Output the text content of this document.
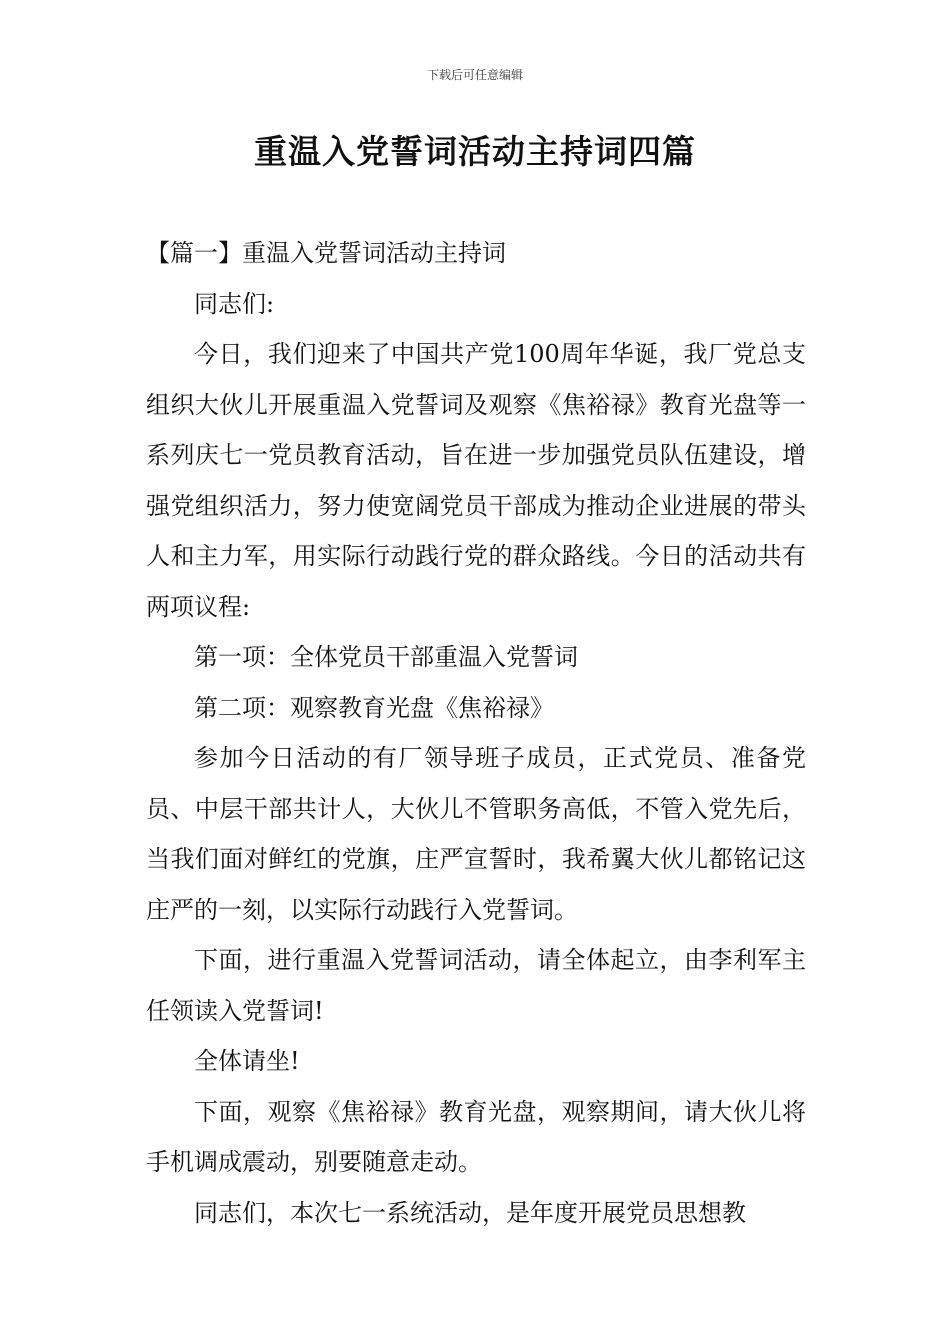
下载后可任意编辑
重温入党誓词活动主持词四篇

【篇一】重温入党誓词活动主持词

同志们:

今日，我们迎来了中国共产党100周年华诞，我厂党总支组织大伙儿开展重温入党誓词及观察《焦裕禄》教育光盘等一系列庆七一党员教育活动，旨在进一步加强党员队伍建设，增强党组织活力，努力使宽阔党员干部成为推动企业进展的带头人和主力军，用实际行动践行党的群众路线。今日的活动共有两项议程:

第一项：全体党员干部重温入党誓词

第二项：观察教育光盘《焦裕禄》

参加今日活动的有厂领导班子成员，正式党员、准备党员、中层干部共计人，大伙儿不管职务高低，不管入党先后，当我们面对鲜红的党旗，庄严宣誓时，我希翼大伙儿都铭记这庄严的一刻，以实际行动践行入党誓词。

下面，进行重温入党誓词活动，请全体起立，由李利军主任领读入党誓词!

全体请坐!

下面，观察《焦裕禄》教育光盘，观察期间，请大伙儿将手机调成震动，别要随意走动。

同志们，本次七一系统活动，是年度开展党员思想教
